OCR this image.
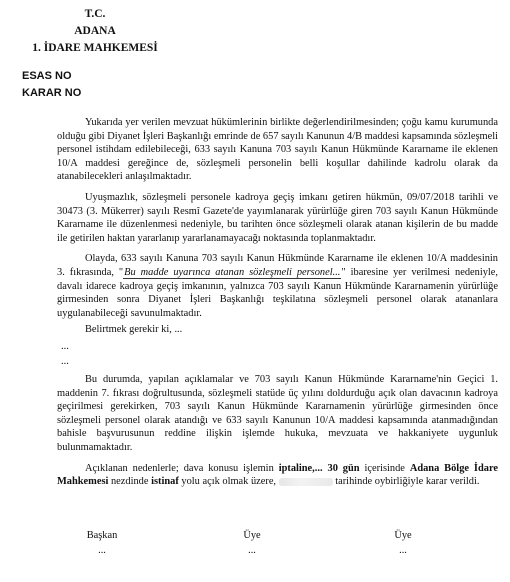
T.C.
ADANA
1. İDARE MAHKEMESİ
ESAS NO
KARAR NO

Yukarıda yer verilen mevzuat hükümlerinin birlikte değerlendirilmesinden; çoğu kamu kurumunda olduğu gibi Diyanet İşleri Başkanlığı emrinde de 657 sayılı Kanunun 4/B maddesi kapsamında sözleşmeli personel istihdam edilebileceği, 633 sayılı Kanuna 703 sayılı Kanun Hükmünde Kararname ile eklenen 10/A maddesi gereğince de, sözleşmeli personelin belli koşullar dahilinde kadrolu olarak da atanabilecekleri anlaşılmaktadır.

Uyuşmazlık, sözleşmeli personele kadroya geçiş imkanı getiren hükmün, 09/07/2018 tarihli ve 30473 (3. Mükerrer) sayılı Resmî Gazete'de yayımlanarak yürürlüğe giren 703 sayılı Kanun Hükmünde Kararname ile düzenlenmesi nedeniyle, bu tarihten önce sözleşmeli olarak atanan kişilerin de bu madde ile getirilen haktan yararlanıp yararlanamayacağı noktasında toplanmaktadır.

Olayda, 633 sayılı Kanuna 703 sayılı Kanun Hükmünde Kararname ile eklenen 10/A maddesinin 3. fıkrasında, "Bu madde uyarınca atanan sözleşmeli personel..." ibaresine yer verilmesi nedeniyle, davalı idarece kadroya geçiş imkanının, yalnızca 703 sayılı Kanun Hükmünde Kararnamenin yürürlüğe girmesinden sonra Diyanet İşleri Başkanlığı teşkilatına sözleşmeli personel olarak atananlara uygulanabileceği savunulmaktadır.

Belirtmek gerekir ki, ...

...
...

Bu durumda, yapılan açıklamalar ve 703 sayılı Kanun Hükmünde Kararname'nin Geçici 1. maddenin 7. fıkrası doğrultusunda, sözleşmeli statüde üç yılını doldurduğu açık olan davacının kadroya geçirilmesi gerekirken, 703 sayılı Kanun Hükmünde Kararnamenin yürürlüğe girmesinden önce sözleşmeli personel olarak atandığı ve 633 sayılı Kanunun 10/A maddesi kapsamında atanmadığından bahisle başvurusunun reddine ilişkin işlemde hukuka, mevzuata ve hakkaniyete uygunluk bulunmamaktadır.

Açıklanan nedenlerle; dava konusu işlemin iptaline,... 30 gün içerisinde Adana Bölge İdare Mahkemesi nezdinde istinaf yolu açık olmak üzere,	tarihinde oybirliğiyle karar verildi.

Başkan
...
Üye
...
Üye
...
